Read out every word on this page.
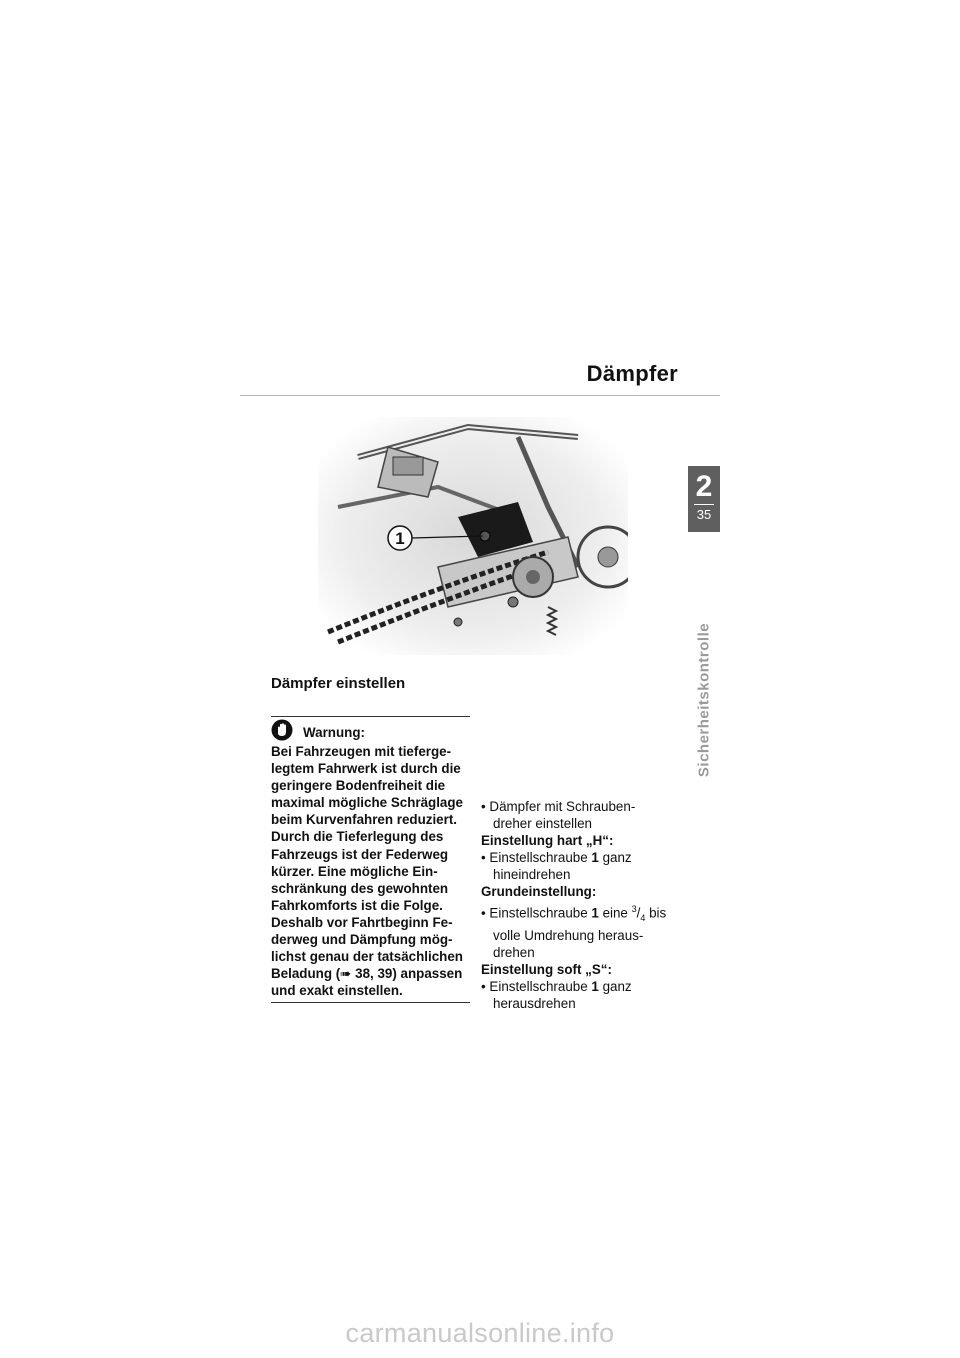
Dämpfer
1
2
35
Sicherheitskontrolle
Dämpfer einstellen
Warnung:
Bei Fahrzeugen mit tieferge-
legtem Fahrwerk ist durch die
geringere Bodenfreiheit die
maximal mögliche Schräglage
beim Kurvenfahren reduziert.
Durch die Tieferlegung des
Fahrzeugs ist der Federweg
kürzer. Eine mögliche Ein-
schränkung des gewohnten
Fahrkomforts ist die Folge.
Deshalb vor Fahrtbeginn Fe-
derweg und Dämpfung mög-
lichst genau der tatsächlichen
Beladung (➠ 38, 39) anpassen
und exakt einstellen.
• Dämpfer mit Schrauben-
dreher einstellen
Einstellung hart „H“:
• Einstellschraube 1 ganz
hineindrehen
Grundeinstellung:
• Einstellschraube 1 eine $^3/_4$ bis
volle Umdrehung heraus-
drehen
Einstellung soft „S“:
• Einstellschraube 1 ganz
herausdrehen
carmanualsonline.info
